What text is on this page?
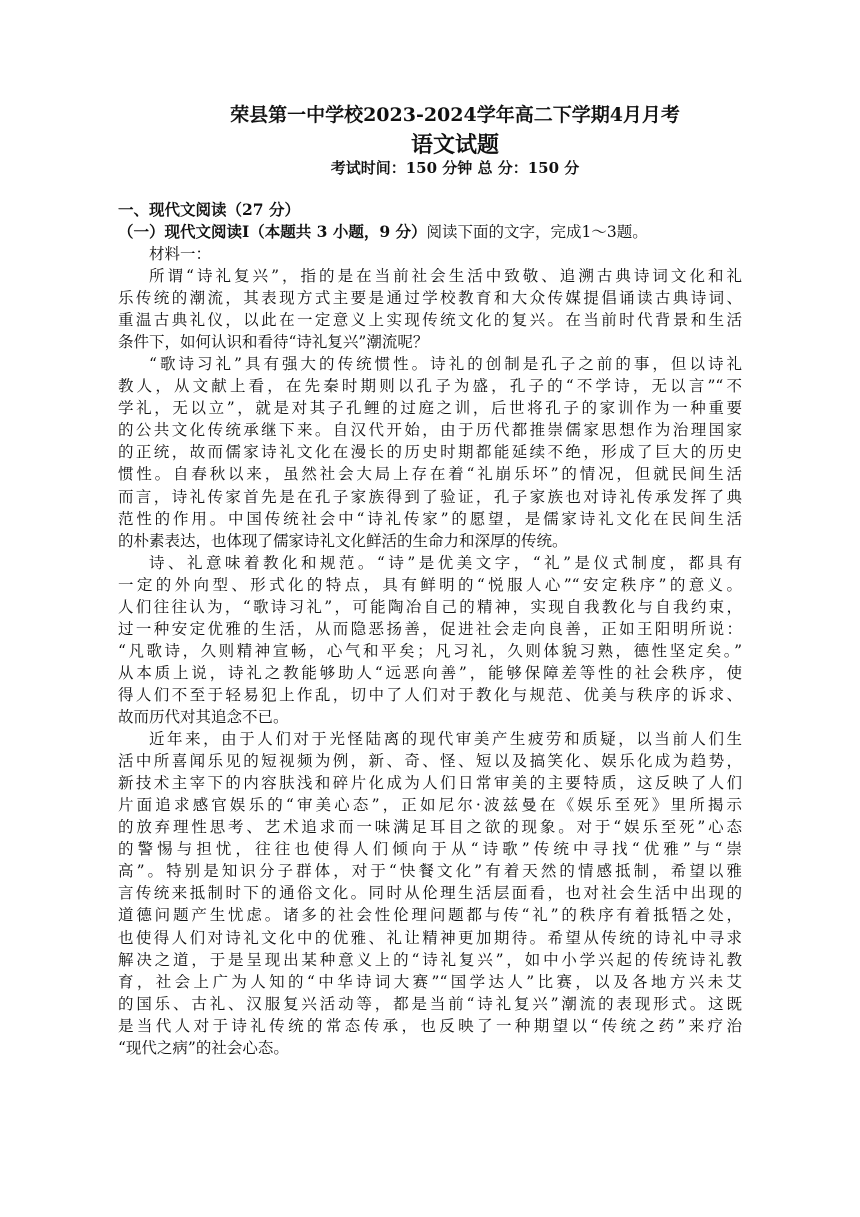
荣县第一中学校2023-2024学年高二下学期4月月考
语文试题
考试时间：150 分钟 总 分：150 分
一、现代文阅读（27 分）
（一）现代文阅读Ⅰ（本题共 3 小题，9 分）阅读下面的文字，完成1～3题。
材料一：
所谓“诗礼复兴”，指的是在当前社会生活中致敬、追溯古典诗词文化和礼
乐传统的潮流，其表现方式主要是通过学校教育和大众传媒提倡诵读古典诗词、
重温古典礼仪，以此在一定意义上实现传统文化的复兴。在当前时代背景和生活
条件下，如何认识和看待“诗礼复兴”潮流呢？
“歌诗习礼”具有强大的传统惯性。诗礼的创制是孔子之前的事，但以诗礼
教人，从文献上看，在先秦时期则以孔子为盛，孔子的“不学诗，无以言”“不
学礼，无以立”，就是对其子孔鲤的过庭之训，后世将孔子的家训作为一种重要
的公共文化传统承继下来。自汉代开始，由于历代都推崇儒家思想作为治理国家
的正统，故而儒家诗礼文化在漫长的历史时期都能延续不绝，形成了巨大的历史
惯性。自春秋以来，虽然社会大局上存在着“礼崩乐坏”的情况，但就民间生活
而言，诗礼传家首先是在孔子家族得到了验证，孔子家族也对诗礼传承发挥了典
范性的作用。中国传统社会中“诗礼传家”的愿望，是儒家诗礼文化在民间生活
的朴素表达，也体现了儒家诗礼文化鲜活的生命力和深厚的传统。
诗、礼意味着教化和规范。“诗”是优美文字，“礼”是仪式制度，都具有
一定的外向型、形式化的特点，具有鲜明的“悦服人心”“安定秩序”的意义。
人们往往认为，“歌诗习礼”，可能陶冶自己的精神，实现自我教化与自我约束，
过一种安定优雅的生活，从而隐恶扬善，促进社会走向良善，正如王阳明所说：
“凡歌诗，久则精神宣畅，心气和平矣；凡习礼，久则体貌习熟，德性坚定矣。”
从本质上说，诗礼之教能够助人“远恶向善”，能够保障差等性的社会秩序，使
得人们不至于轻易犯上作乱，切中了人们对于教化与规范、优美与秩序的诉求、
故而历代对其追念不已。
近年来，由于人们对于光怪陆离的现代审美产生疲劳和质疑，以当前人们生
活中所喜闻乐见的短视频为例，新、奇、怪、短以及搞笑化、娱乐化成为趋势，
新技术主宰下的内容肤浅和碎片化成为人们日常审美的主要特质，这反映了人们
片面追求感官娱乐的“审美心态”，正如尼尔·波兹曼在《娱乐至死》里所揭示
的放弃理性思考、艺术追求而一味满足耳目之欲的现象。对于“娱乐至死”心态
的警惕与担忧，往往也使得人们倾向于从“诗歌”传统中寻找“优雅”与“崇
高”。特别是知识分子群体，对于“快餐文化”有着天然的情感抵制，希望以雅
言传统来抵制时下的通俗文化。同时从伦理生活层面看，也对社会生活中出现的
道德问题产生忧虑。诸多的社会性伦理问题都与传“礼”的秩序有着抵牾之处，
也使得人们对诗礼文化中的优雅、礼让精神更加期待。希望从传统的诗礼中寻求
解决之道，于是呈现出某种意义上的“诗礼复兴”，如中小学兴起的传统诗礼教
育，社会上广为人知的“中华诗词大赛”“国学达人”比赛，以及各地方兴未艾
的国乐、古礼、汉服复兴活动等，都是当前“诗礼复兴”潮流的表现形式。这既
是当代人对于诗礼传统的常态传承，也反映了一种期望以“传统之药”来疗治
“现代之病”的社会心态。
